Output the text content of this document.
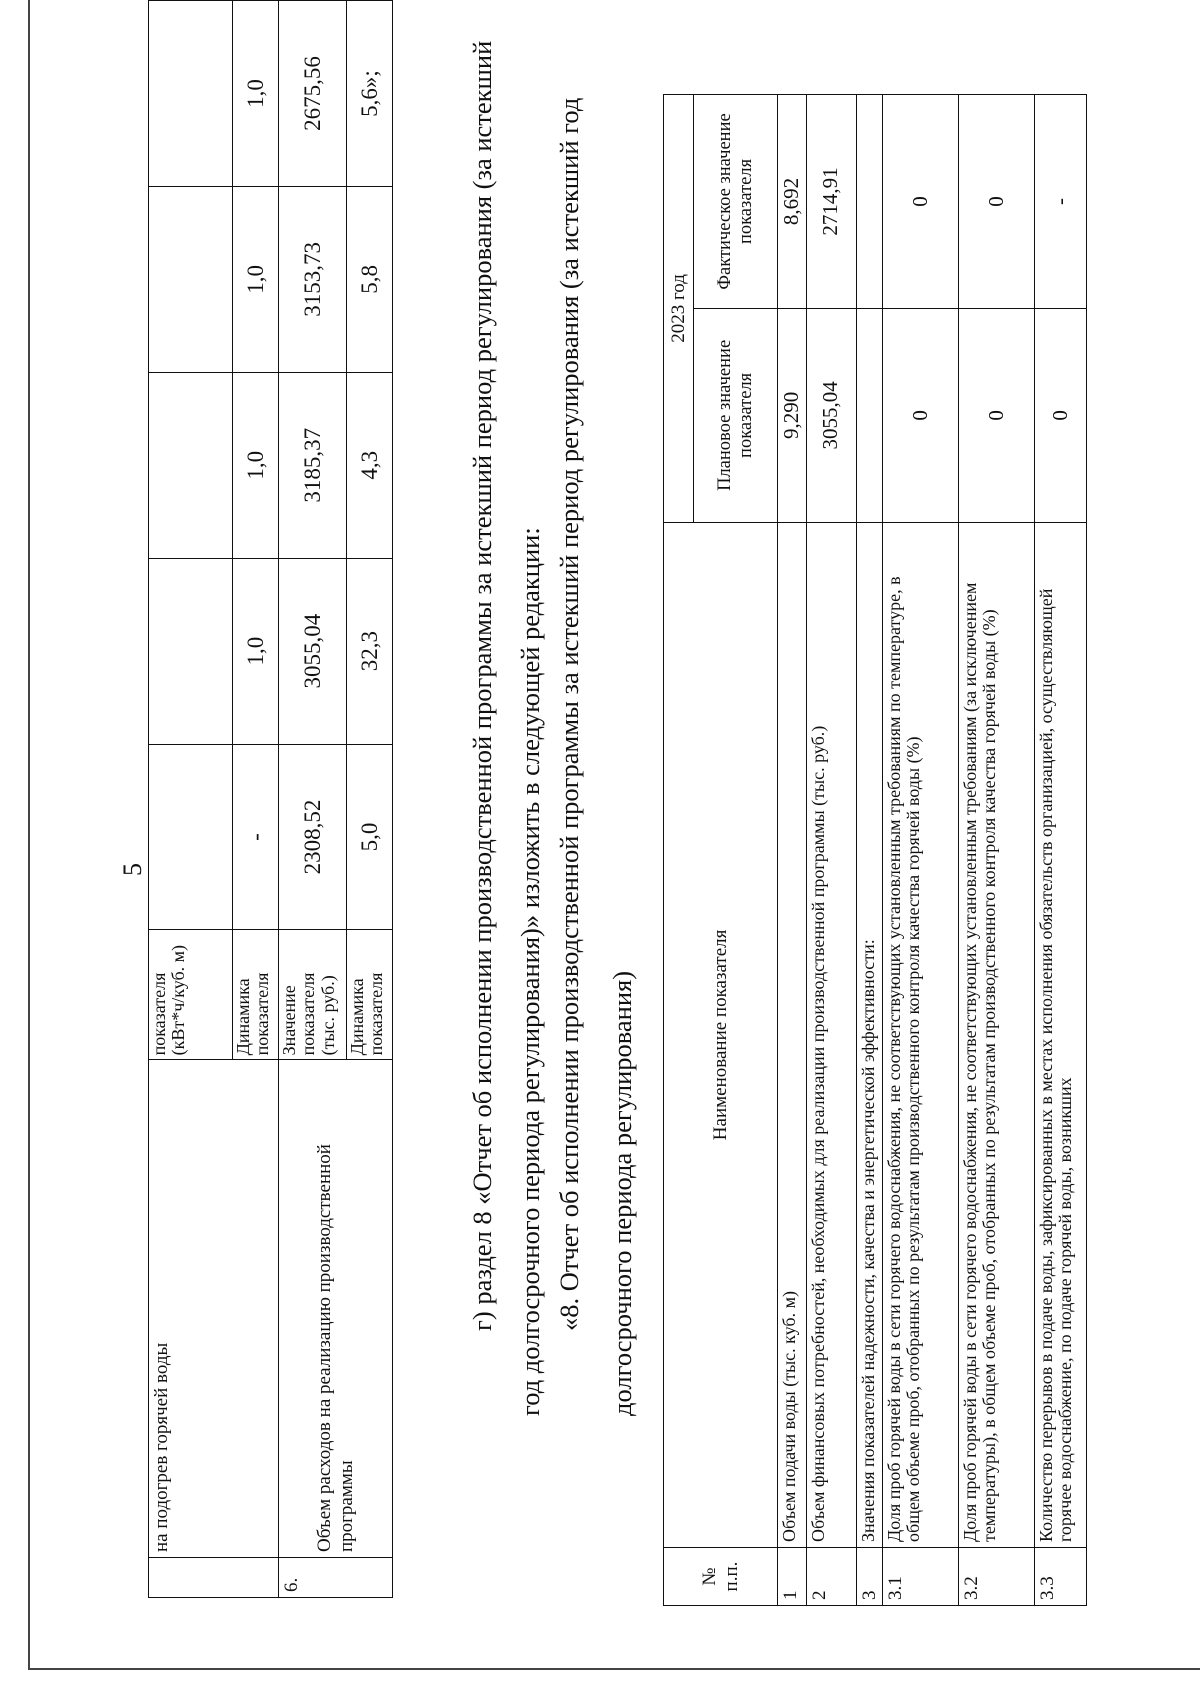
5
	на подогрев горячей воды	показателя (кВт*ч/куб. м)					
		Динамика показателя	-	1,0	1,0	1,0	1,0
6.	Объем расходов на реализацию производственной программы	Значение показателя (тыс. руб.)	2308,52	3055,04	3185,37	3153,73	2675,56
		Динамика показателя	5,0	32,3	4,3	5,8	5,6»;	г) раздел 8 «Отчет об исполнении производственной программы за истекший период регулирования (за истекший год долгосрочного периода регулирования)» изложить в следующей редакции: «8. Отчет об исполнении производственной программы за истекший период регулирования (за истекший год долгосрочного периода регулирования)
№ п.п.	Наименование показателя	2023 год	
		Плановое значение показателя	Фактическое значение показателя
1	Объем подачи воды (тыс. куб. м)	9,290	8,692
2	Объем финансовых потребностей, необходимых для реализации производственной программы (тыс. руб.)	3055,04	2714,91
3	Значения показателей надежности, качества и энергетической эффективности:		
3.1	Доля проб горячей воды в сети горячего водоснабжения, не соответствующих установленным требованиям по температуре, в общем объеме проб, отобранных по результатам производственного контроля качества горячей воды (%)	0	0
3.2	Доля проб горячей воды в сети горячего водоснабжения, не соответствующих установленным требованиям (за исключением температуры), в общем объеме проб, отобранных по результатам производственного контроля качества горячей воды (%)	0	0
3.3	Количество перерывов в подаче воды, зафиксированных в местах исполнения обязательств организацией, осуществляющей горячее водоснабжение, по подаче горячей воды, возникших	0	-
